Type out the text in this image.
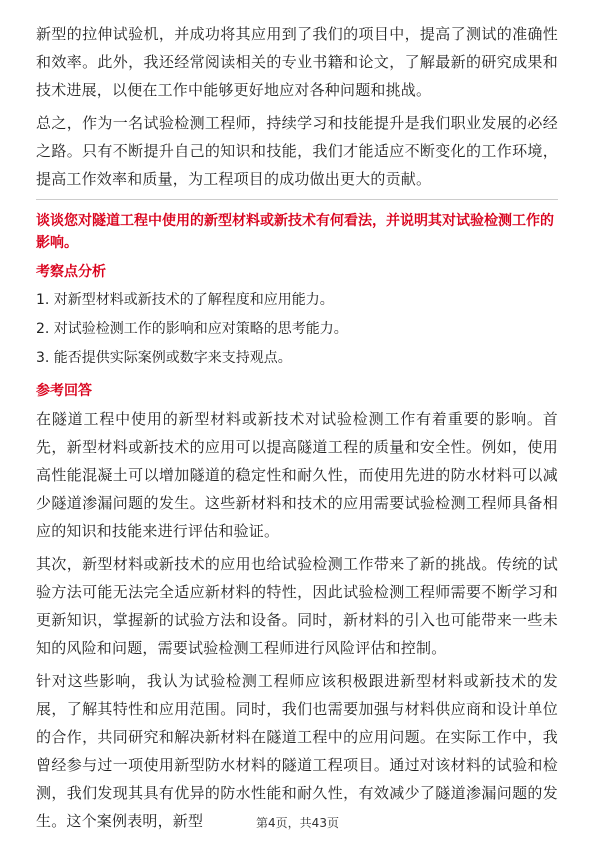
新型的拉伸试验机，并成功将其应用到了我们的项目中，提高了测试的准确性和效率。此外，我还经常阅读相关的专业书籍和论文，了解最新的研究成果和技术进展，以便在工作中能够更好地应对各种问题和挑战。

总之，作为一名试验检测工程师，持续学习和技能提升是我们职业发展的必经之路。只有不断提升自己的知识和技能，我们才能适应不断变化的工作环境，提高工作效率和质量，为工程项目的成功做出更大的贡献。

谈谈您对隧道工程中使用的新型材料或新技术有何看法，并说明其对试验检测工作的影响。

考察点分析
1. 对新型材料或新技术的了解程度和应用能力。
2. 对试验检测工作的影响和应对策略的思考能力。
3. 能否提供实际案例或数字来支持观点。
参考回答

在隧道工程中使用的新型材料或新技术对试验检测工作有着重要的影响。首先，新型材料或新技术的应用可以提高隧道工程的质量和安全性。例如，使用高性能混凝土可以增加隧道的稳定性和耐久性，而使用先进的防水材料可以减少隧道渗漏问题的发生。这些新材料和技术的应用需要试验检测工程师具备相应的知识和技能来进行评估和验证。

其次，新型材料或新技术的应用也给试验检测工作带来了新的挑战。传统的试验方法可能无法完全适应新材料的特性，因此试验检测工程师需要不断学习和更新知识，掌握新的试验方法和设备。同时，新材料的引入也可能带来一些未知的风险和问题，需要试验检测工程师进行风险评估和控制。

针对这些影响，我认为试验检测工程师应该积极跟进新型材料或新技术的发展，了解其特性和应用范围。同时，我们也需要加强与材料供应商和设计单位的合作，共同研究和解决新材料在隧道工程中的应用问题。在实际工作中，我曾经参与过一项使用新型防水材料的隧道工程项目。通过对该材料的试验和检测，我们发现其具有优异的防水性能和耐久性，有效减少了隧道渗漏问题的发生。这个案例表明，新型	第4页，共43页
